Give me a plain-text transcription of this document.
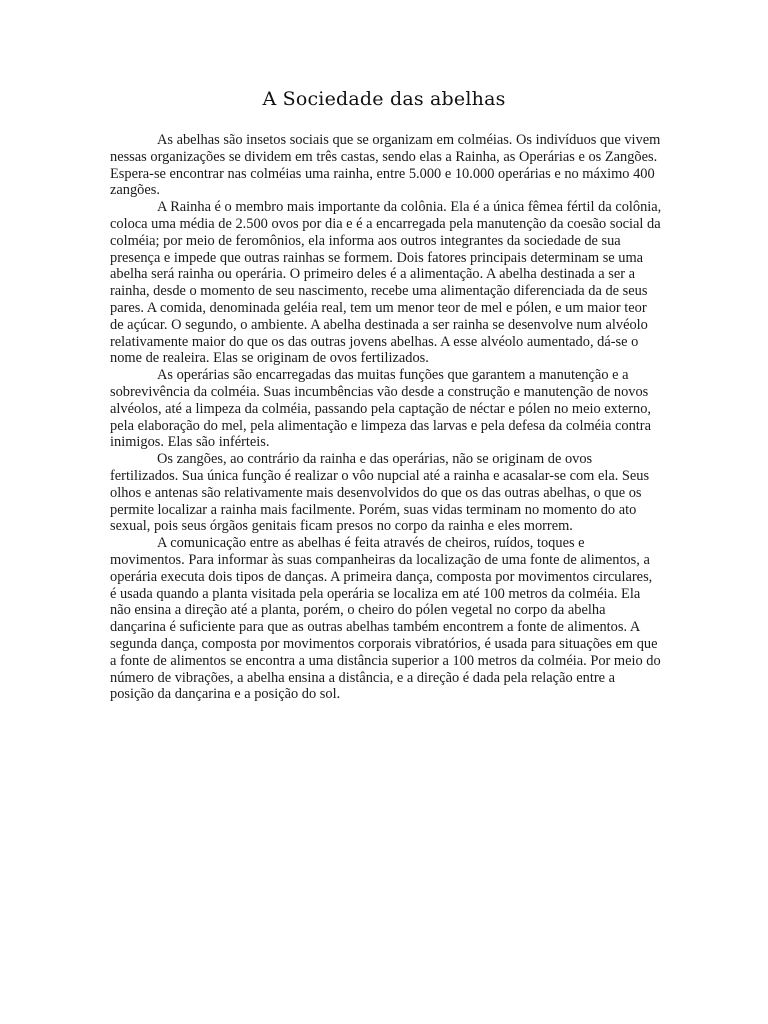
A Sociedade das abelhas

As abelhas são insetos sociais que se organizam em colméias. Os indivíduos que vivem nessas organizações se dividem em três castas, sendo elas a Rainha, as Operárias e os Zangões. Espera-se encontrar nas colméias uma rainha, entre 5.000 e 10.000 operárias e no máximo 400 zangões.

A Rainha é o membro mais importante da colônia. Ela é a única fêmea fértil da colônia, coloca uma média de 2.500 ovos por dia e é a encarregada pela manutenção da coesão social da colméia; por meio de feromônios, ela informa aos outros integrantes da sociedade de sua presença e impede que outras rainhas se formem. Dois fatores principais determinam se uma abelha será rainha ou operária. O primeiro deles é a alimentação. A abelha destinada a ser a rainha, desde o momento de seu nascimento, recebe uma alimentação diferenciada da de seus pares. A comida, denominada geléia real, tem um menor teor de mel e pólen, e um maior teor de açúcar. O segundo, o ambiente. A abelha destinada a ser rainha se desenvolve num alvéolo relativamente maior do que os das outras jovens abelhas. A esse alvéolo aumentado, dá-se o nome de realeira. Elas se originam de ovos fertilizados.

As operárias são encarregadas das muitas funções que garantem a manutenção e a sobrevivência da colméia. Suas incumbências vão desde a construção e manutenção de novos alvéolos, até a limpeza da colméia, passando pela captação de néctar e pólen no meio externo, pela elaboração do mel, pela alimentação e limpeza das larvas e pela defesa da colméia contra inimigos. Elas são inférteis.

Os zangões, ao contrário da rainha e das operárias, não se originam de ovos fertilizados. Sua única função é realizar o vôo nupcial até a rainha e acasalar-se com ela. Seus olhos e antenas são relativamente mais desenvolvidos do que os das outras abelhas, o que os permite localizar a rainha mais facilmente. Porém, suas vidas terminam no momento do ato sexual, pois seus órgãos genitais ficam presos no corpo da rainha e eles morrem.

A comunicação entre as abelhas é feita através de cheiros, ruídos, toques e movimentos. Para informar às suas companheiras da localização de uma fonte de alimentos, a operária executa dois tipos de danças. A primeira dança, composta por movimentos circulares, é usada quando a planta visitada pela operária se localiza em até 100 metros da colméia. Ela não ensina a direção até a planta, porém, o cheiro do pólen vegetal no corpo da abelha dançarina é suficiente para que as outras abelhas também encontrem a fonte de alimentos. A segunda dança, composta por movimentos corporais vibratórios, é usada para situações em que a fonte de alimentos se encontra a uma distância superior a 100 metros da colméia. Por meio do número de vibrações, a abelha ensina a distância, e a direção é dada pela relação entre a posição da dançarina e a posição do sol.
